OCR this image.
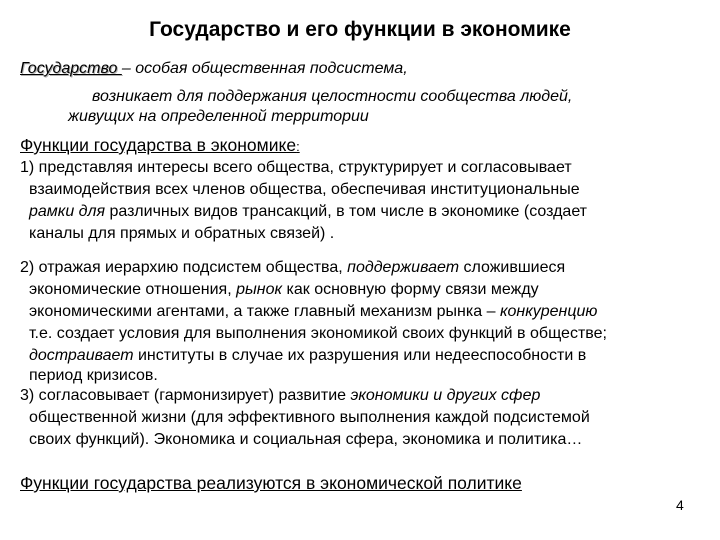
Государство и его функции в экономике
Государство – особая общественная подсистема,
возникает для поддержания целостности сообщества людей,
живущих на определенной территории
Функции государства в экономике:
1) представляя интересы всего общества, структурирует и согласовывает
взаимодействия всех членов общества, обеспечивая институциональные
рамки для различных видов трансакций, в том числе в экономике (создает
каналы для прямых и обратных связей) .
2) отражая иерархию подсистем общества, поддерживает сложившиеся
экономические отношения, рынок как основную форму связи между
экономическими агентами, а также главный механизм рынка – конкуренцию
т.е. создает условия для выполнения экономикой своих функций в обществе;
достраивает институты в случае их разрушения или недееспособности в
период кризисов.
3) согласовывает (гармонизирует) развитие экономики и других сфер
общественной жизни (для эффективного выполнения каждой подсистемой
своих функций). Экономика и социальная сфера, экономика и политика…
Функции государства реализуются в экономической политике
4
